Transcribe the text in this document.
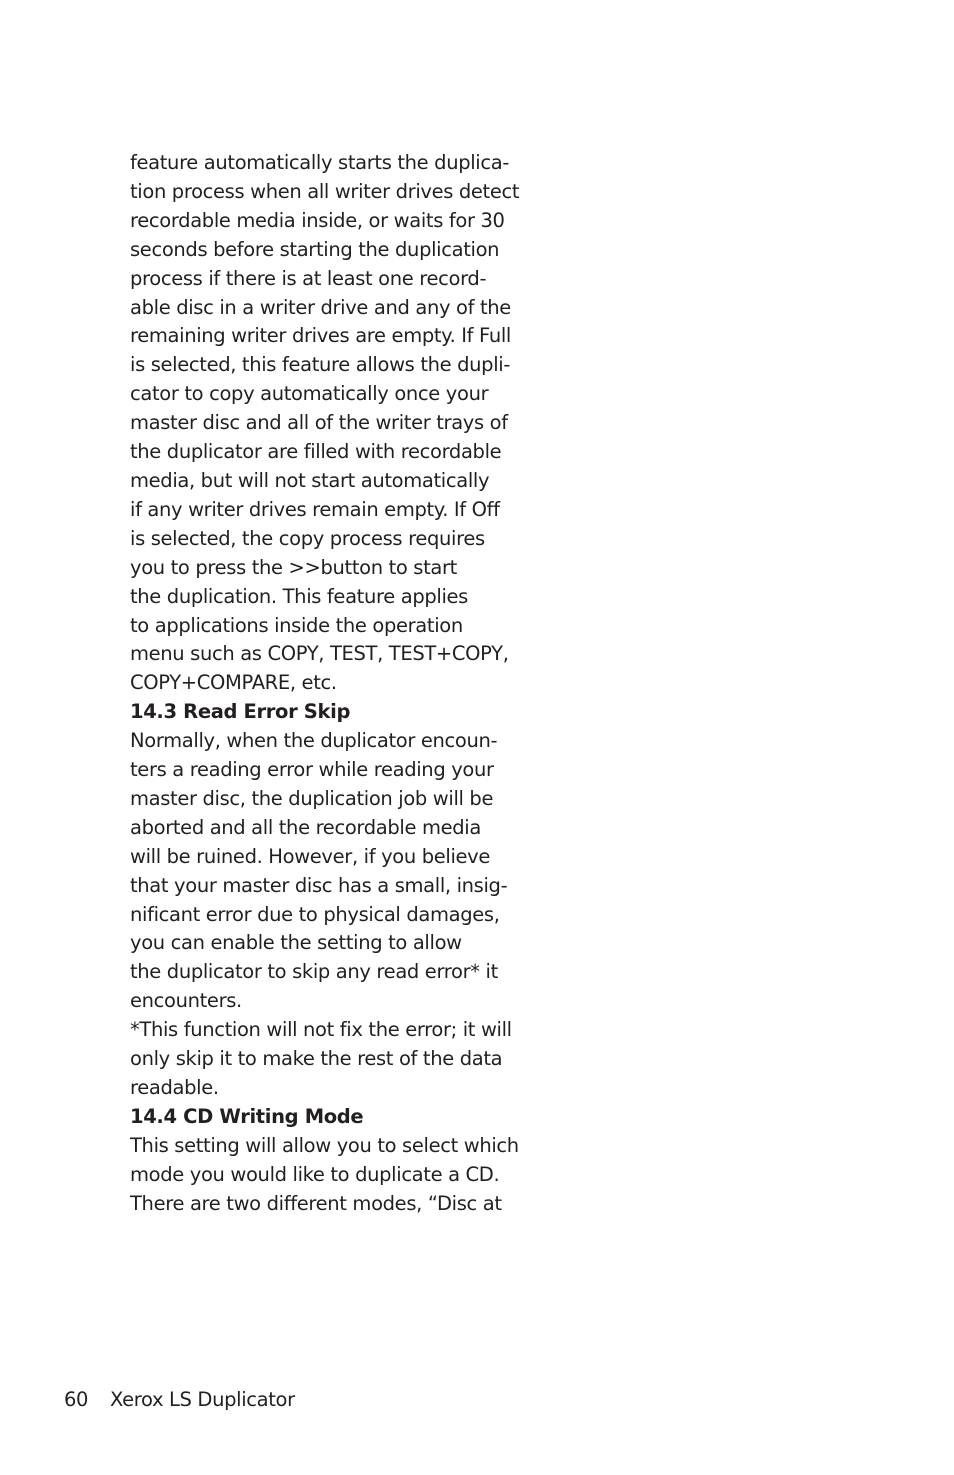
feature automatically starts the duplica-
tion process when all writer drives detect
recordable media inside, or waits for 30
seconds before starting the duplication
process if there is at least one record-
able disc in a writer drive and any of the
remaining writer drives are empty. If Full
is selected, this feature allows the dupli-
cator to copy automatically once your
master disc and all of the writer trays of
the duplicator are filled with recordable
media, but will not start automatically
if any writer drives remain empty. If Off
is selected, the copy process requires
you to press the >>button to start
the duplication. This feature applies
to applications inside the operation
menu such as COPY, TEST, TEST+COPY,
COPY+COMPARE, etc.
14.3 Read Error Skip
Normally, when the duplicator encoun-
ters a reading error while reading your
master disc, the duplication job will be
aborted and all the recordable media
will be ruined. However, if you believe
that your master disc has a small, insig-
nificant error due to physical damages,
you can enable the setting to allow
the duplicator to skip any read error* it
encounters.
*This function will not fix the error; it will
only skip it to make the rest of the data
readable.
14.4 CD Writing Mode
This setting will allow you to select which
mode you would like to duplicate a CD.
There are two different modes, “Disc at
60 Xerox LS Duplicator
